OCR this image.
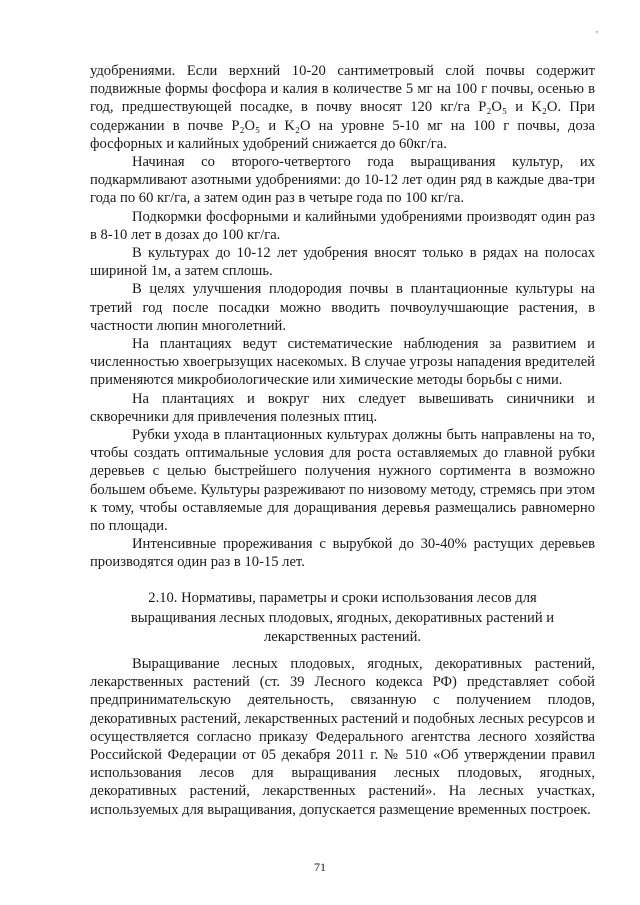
'

удобрениями. Если верхний 10-20 сантиметровый слой почвы содержит подвижные формы фосфора и калия в количестве 5 мг на 100 г почвы, осенью в год, предшествующей посадке, в почву вносят 120 кг/га P₂O₅ и K₂O. При содержании в почве P₂O₅ и K₂O на уровне 5-10 мг на 100 г почвы, доза фосфорных и калийных удобрений снижается до 60кг/га.

Начиная со второго-четвертого года выращивания культур, их подкармливают азотными удобрениями: до 10-12 лет один ряд в каждые два-три года по 60 кг/га, а затем один раз в четыре года по 100 кг/га.

Подкормки фосфорными и калийными удобрениями производят один раз в 8-10 лет в дозах до 100 кг/га.

В культурах до 10-12 лет удобрения вносят только в рядах на полосах шириной 1м, а затем сплошь.

В целях улучшения плодородия почвы в плантационные культуры на третий год после посадки можно вводить почвоулучшающие растения, в частности люпин многолетний.

На плантациях ведут систематические наблюдения за развитием и численностью хвоегрызущих насекомых. В случае угрозы нападения вредителей применяются микробиологические или химические методы борьбы с ними.

На плантациях и вокруг них следует вывешивать синичники и скворечники для привлечения полезных птиц.

Рубки ухода в плантационных культурах должны быть направлены на то, чтобы создать оптимальные условия для роста оставляемых до главной рубки деревьев с целью быстрейшего получения нужного сортимента в возможно большем объеме. Культуры разреживают по низовому методу, стремясь при этом к тому, чтобы оставляемые для доращивания деревья размещались равномерно по площади.

Интенсивные прореживания с вырубкой до 30-40% растущих деревьев производятся один раз в 10-15 лет.

2.10. Нормативы, параметры и сроки использования лесов для

выращивания лесных плодовых, ягодных, декоративных растений и

лекарственных растений.

Выращивание лесных плодовых, ягодных, декоративных растений, лекарственных растений (ст. 39 Лесного кодекса РФ) представляет собой предпринимательскую деятельность, связанную с получением плодов, декоративных растений, лекарственных растений и подобных лесных ресурсов и осуществляется согласно приказу Федерального агентства лесного хозяйства Российской Федерации от 05 декабря 2011 г. № 510 «Об утверждении правил использования лесов для выращивания лесных плодовых, ягодных, декоративных растений, лекарственных растений». На лесных участках, используемых для выращивания, допускается размещение временных построек.

71
